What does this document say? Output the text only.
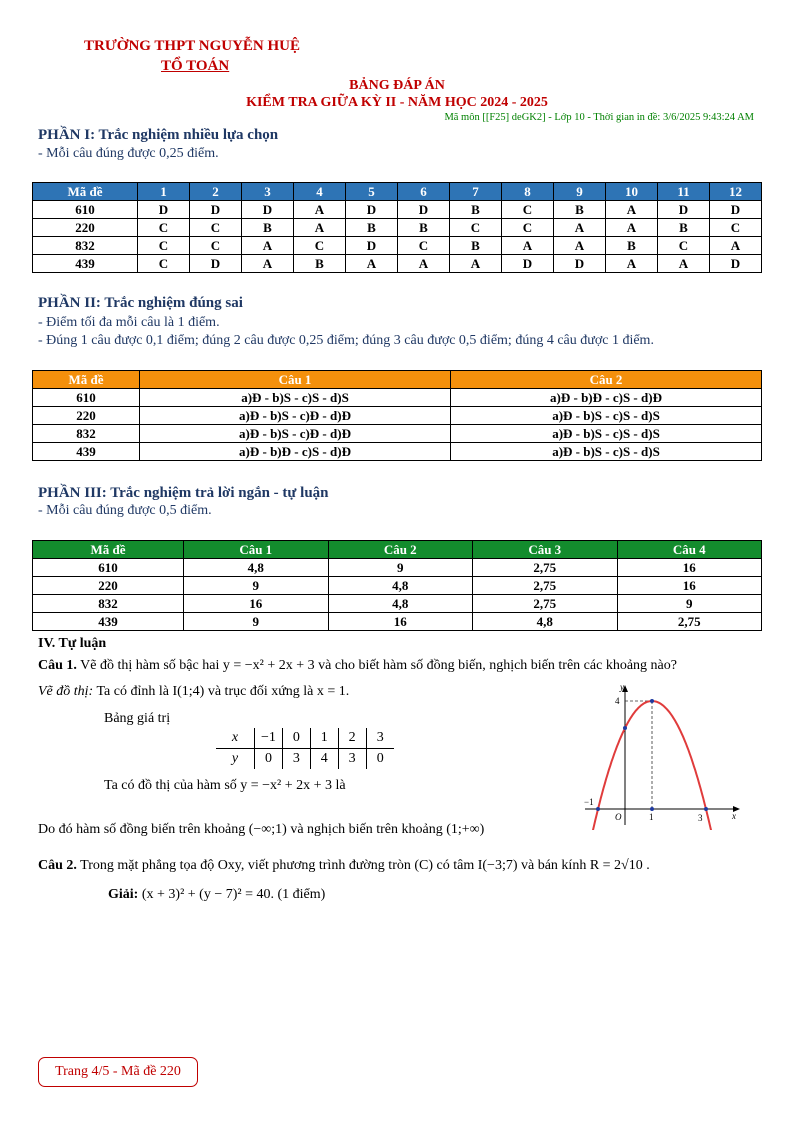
TRƯỜNG THPT NGUYỄN HUỆ
TỔ TOÁN
BẢNG ĐÁP ÁN
KIỂM TRA GIỮA KỲ II - NĂM HỌC 2024 - 2025
Mã môn [[F25] deGK2] - Lớp 10 - Thời gian in đề: 3/6/2025 9:43:24 AM
PHẦN I: Trắc nghiệm nhiều lựa chọn
- Mỗi câu đúng được 0,25 điểm.
Mã đề	1	2	3	4	5	6	7	8	9	10	11	12
610	D	D	D	A	D	D	B	C	B	A	D	D
220	C	C	B	A	B	B	C	C	A	A	B	C
832	C	C	A	C	D	C	B	A	A	B	C	A
439	C	D	A	B	A	A	A	D	D	A	A	D
PHẦN II: Trắc nghiệm đúng sai
- Điểm tối đa mỗi câu là 1 điểm.
- Đúng 1 câu được 0,1 điểm; đúng 2 câu được 0,25 điểm; đúng 3 câu được 0,5 điểm; đúng 4 câu được 1 điểm.
Mã đề	Câu 1	Câu 2
610	a)Đ - b)S - c)S - d)S	a)Đ - b)Đ - c)S - d)Đ
220	a)Đ - b)S - c)Đ - d)Đ	a)Đ - b)S - c)S - d)S
832	a)Đ - b)S - c)Đ - d)Đ	a)Đ - b)S - c)S - d)S
439	a)Đ - b)Đ - c)S - d)Đ	a)Đ - b)S - c)S - d)S
PHẦN III: Trắc nghiệm trả lời ngắn - tự luận
- Mỗi câu đúng được 0,5 điểm.
Mã đề	Câu 1	Câu 2	Câu 3	Câu 4
610	4,8	9	2,75	16
220	9	4,8	2,75	16
832	16	4,8	2,75	9
439	9	16	4,8	2,75
IV. Tự luận
Câu 1. Vẽ đồ thị hàm số bậc hai y = −x² + 2x + 3 và cho biết hàm số đồng biến, nghịch biến trên các khoảng nào?
Vẽ đồ thị: Ta có đỉnh là I(1;4) và trục đối xứng là x = 1.
Bảng giá trị
x	−1	0	1	2	3
y	0	3	4	3	0
Ta có đồ thị của hàm số y = −x² + 2x + 3 là
Do đó hàm số đồng biến trên khoảng (−∞;1) và nghịch biến trên khoảng (1;+∞)
y
x
O
−1
1	3
4
Câu 2. Trong mặt phẳng tọa độ Oxy, viết phương trình đường tròn (C) có tâm I(−3;7) và bán kính R = 2√10 .
Giải: (x + 3)² + (y − 7)² = 40. (1 điểm)
Trang 4/5 - Mã đề 220
